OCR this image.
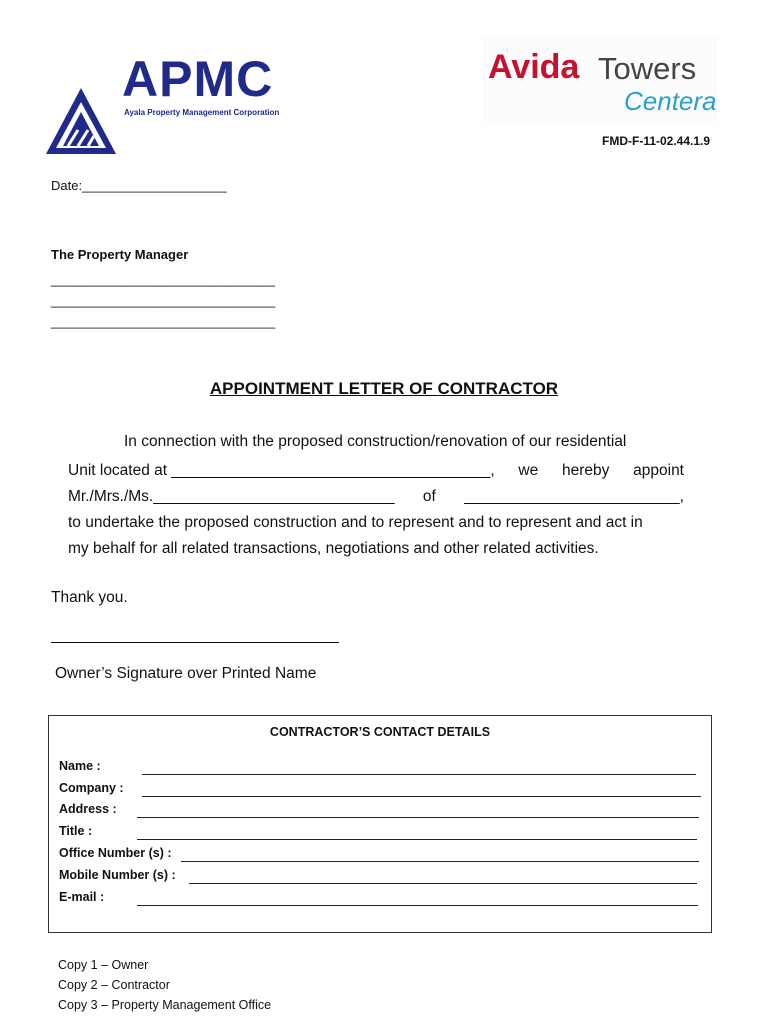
APMC

Ayala Property Management Corporation

Avida

Towers

Centera

FMD-F-11-02.44.1.9
Date:____________________
The Property Manager
_______________________________
_______________________________
_______________________________
APPOINTMENT LETTER OF CONTRACTOR
In connection with the proposed construction/renovation of our residential
Unit located at _____________________________________, we hereby appoint
Mr./Mrs./Ms.____________________________ of _________________________,
to undertake the proposed construction and to represent and to represent and act in
my behalf for all related transactions, negotiations and other related activities.
Thank you.
Owner’s Signature over Printed Name
CONTRACTOR’S CONTACT DETAILS
Name :
Company :
Address :
Title :
Office Number (s) :
Mobile Number (s) :
E-mail :
Copy 1 – Owner
Copy 2 – Contractor
Copy 3 – Property Management Office
